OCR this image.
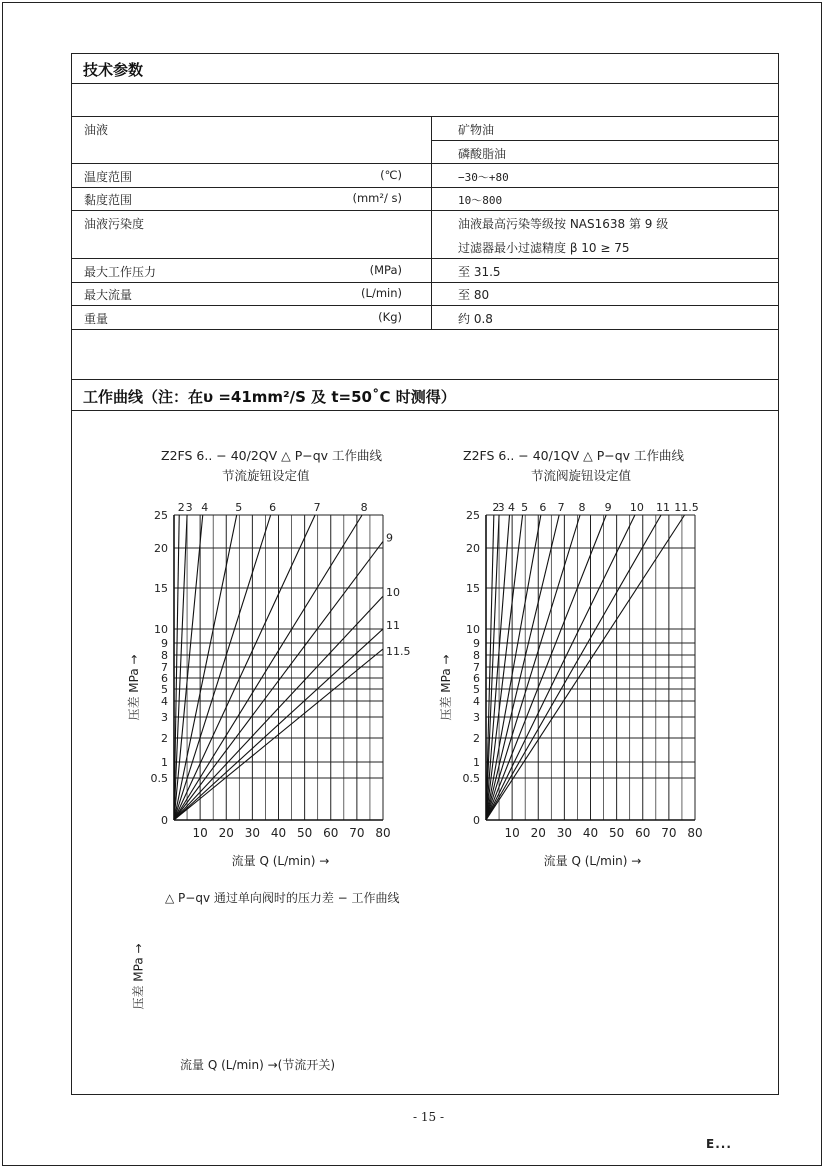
技术参数
油液	矿物油
磷酸脂油
温度范围	(℃)	−30〜+80
黏度范围	(mm²/ s)	10〜800
油液污染度	油液最高污染等级按 NAS1638 第 9 级
过滤器最小过滤精度 β 10 ≥ 75
最大工作压力	(MPa)	至 31.5
最大流量	(L/min)	至 80
重量	(Kg)	约 0.8
工作曲线（注：在υ =41mm²/S 及 t=50˚C 时测得）
Z2FS 6.. − 40/2QV △ P−qv 工作曲线
节流旋钮设定值
Z2FS 6.. − 40/1QV △ P−qv 工作曲线
节流阀旋钮设定值
0
0.5
1
2
3
4
5
6
7
8
9
10
15
20
25
10 20 30 40 50 60 70 80
2 3 4 5 6	7	8
9
10
11
11.5
压差 MPa →
流量 Q (L/min) →
0
0.5
1
2
3
4
5
6
7
8
9
10
15
20
25
10 20 30 40 50 60 70 80
2
3 4 5 6 7 8 9 10 11 11.5
压差 MPa →
流量 Q (L/min) →
△ P−qv 通过单向阀时的压力差 − 工作曲线
压差 MPa →
流量 Q (L/min) →(节流开关)
- 15 -
E...
